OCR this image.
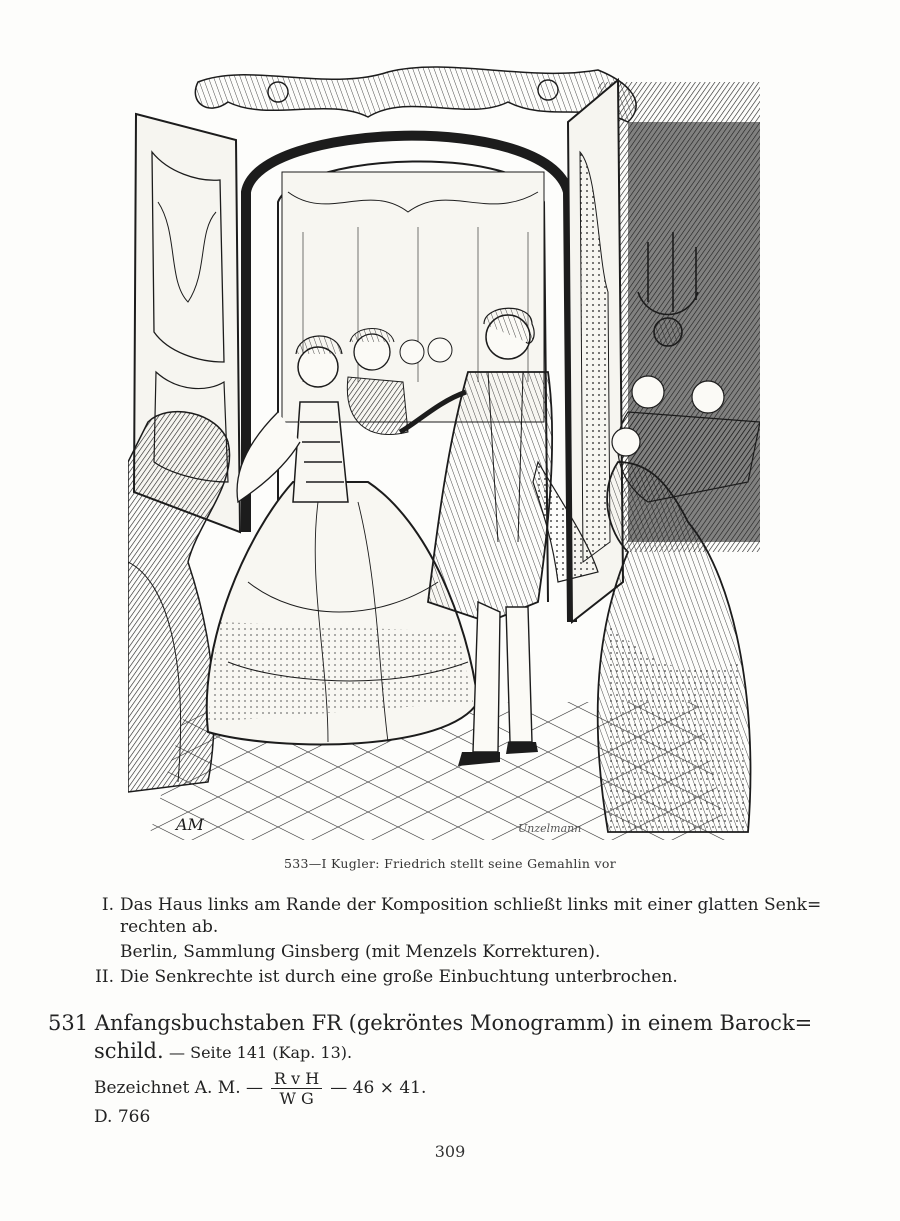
AM	Unzelmann
533—I Kugler: Friedrich stellt seine Gemahlin vor
I. Das Haus links am Rande der Komposition schließt links mit einer glatten Senk=
rechten ab.
Berlin, Sammlung Ginsberg (mit Menzels Korrekturen).
II. Die Senkrechte ist durch eine große Einbuchtung unterbrochen.
531 Anfangsbuchstaben FR (gekröntes Monogramm) in einem Barock=
schild. — Seite 141 (Kap. 13).
Bezeichnet A. M. — $\frac{\text{R v H}}{\text{W G}}$ — 46 × 41.
D. 766
309
